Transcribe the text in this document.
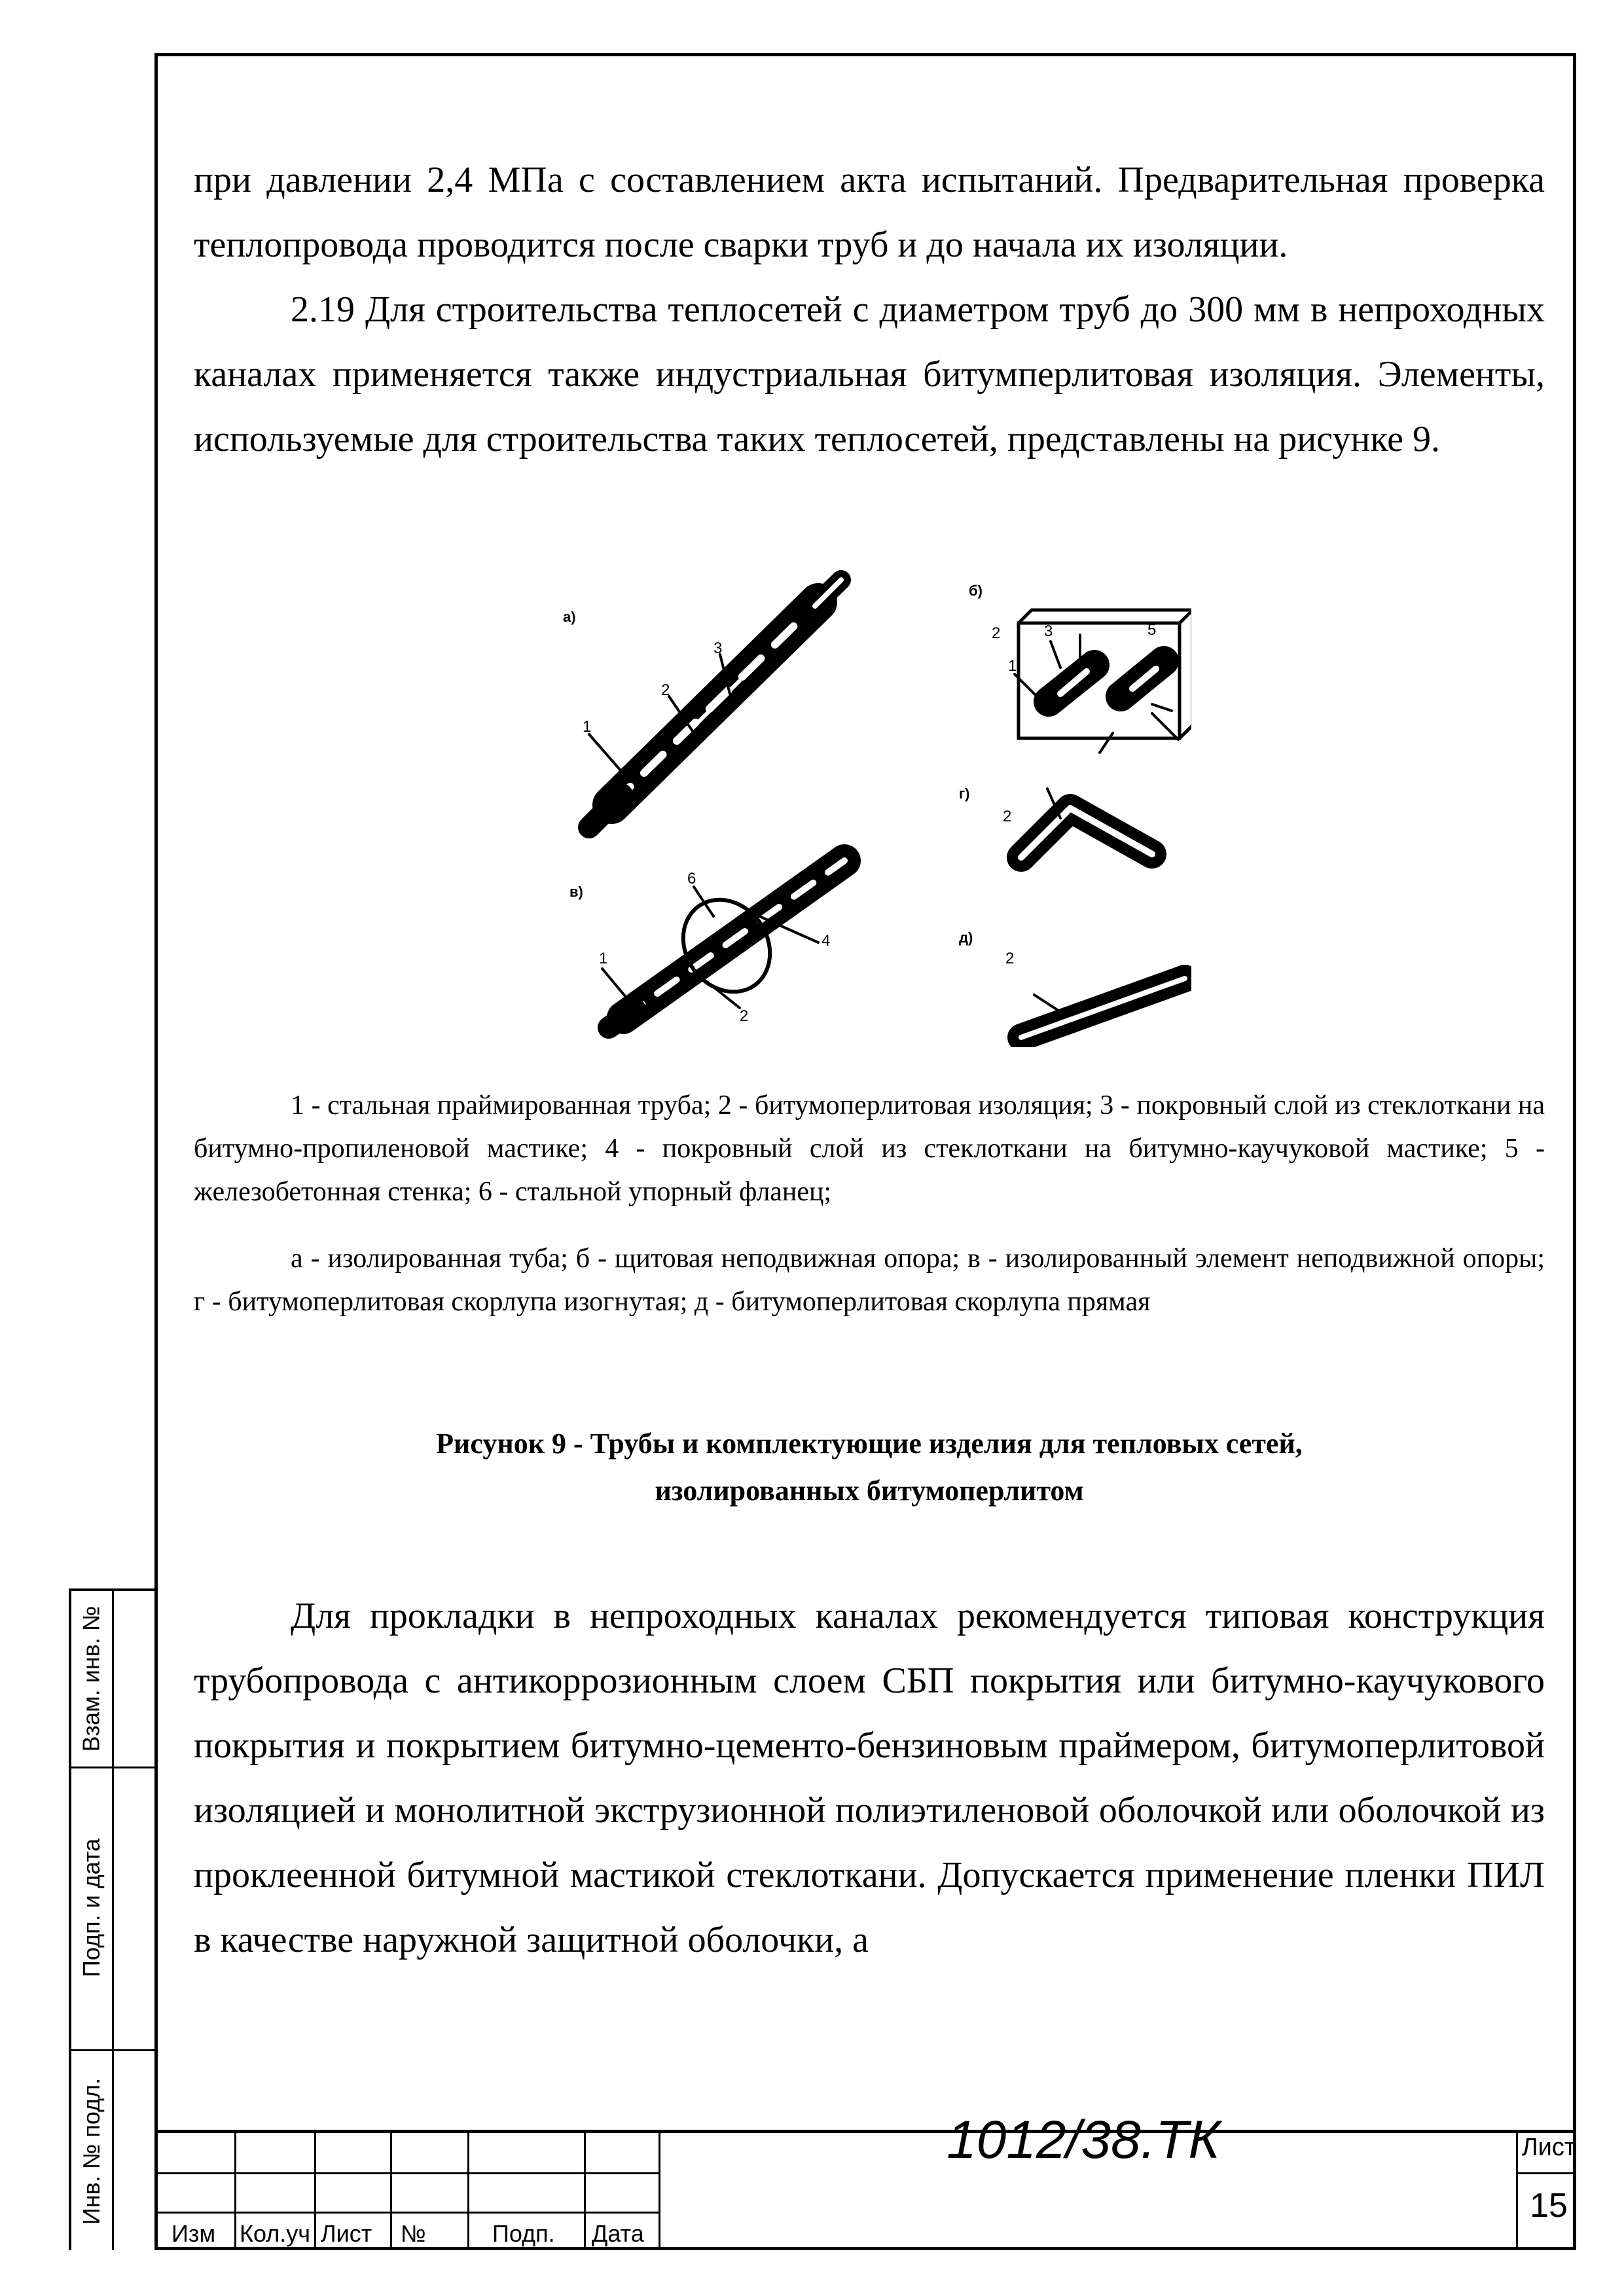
Взам. инв. №
Подп. и дата
Инв. № подл.

при давлении 2,4 МПа с составлением акта испытаний. Предварительная проверка теплопровода проводится после сварки труб и до начала их изоляции.

2.19 Для строительства теплосетей с диаметром труб до 300 мм в непроходных каналах применяется также индустриальная битумперлитовая изоляция. Элементы, используемые для строительства таких теплосетей, представлены на рисунке 9.

а)
б)
в)
г)
д)
1
2
3
1
2	3	5
2
2
1
6
4
2

1 - стальная праймированная труба; 2 - битумоперлитовая изоляция; 3 - покровный слой из стеклоткани на битумно-пропиленовой мастике; 4 - покровный слой из стеклоткани на битумно-каучуковой мастике; 5 - железобетонная стенка; 6 - стальной упорный фланец;

а - изолированная туба; б - щитовая неподвижная опора; в - изолированный элемент неподвижной опоры; г - битумоперлитовая скорлупа изогнутая; д - битумоперлитовая скорлупа прямая

Рисунок 9 - Трубы и комплектующие изделия для тепловых сетей,

изолированных битумоперлитом

Для прокладки в непроходных каналах рекомендуется типовая конструкция трубопровода с антикоррозионным слоем СБП покрытия или битумно-каучукового покрытия и покрытием битумно-цементо-бензиновым праймером, битумоперлитовой изоляцией и монолитной экструзионной полиэтиленовой оболочкой или оболочкой из проклеенной битумной мастикой стеклоткани. Допускается применение пленки ПИЛ в качестве наружной защитной оболочки, а

Изм Кол.уч Лист №	Подп. Дата
1012/38.ТК	Лист
15
